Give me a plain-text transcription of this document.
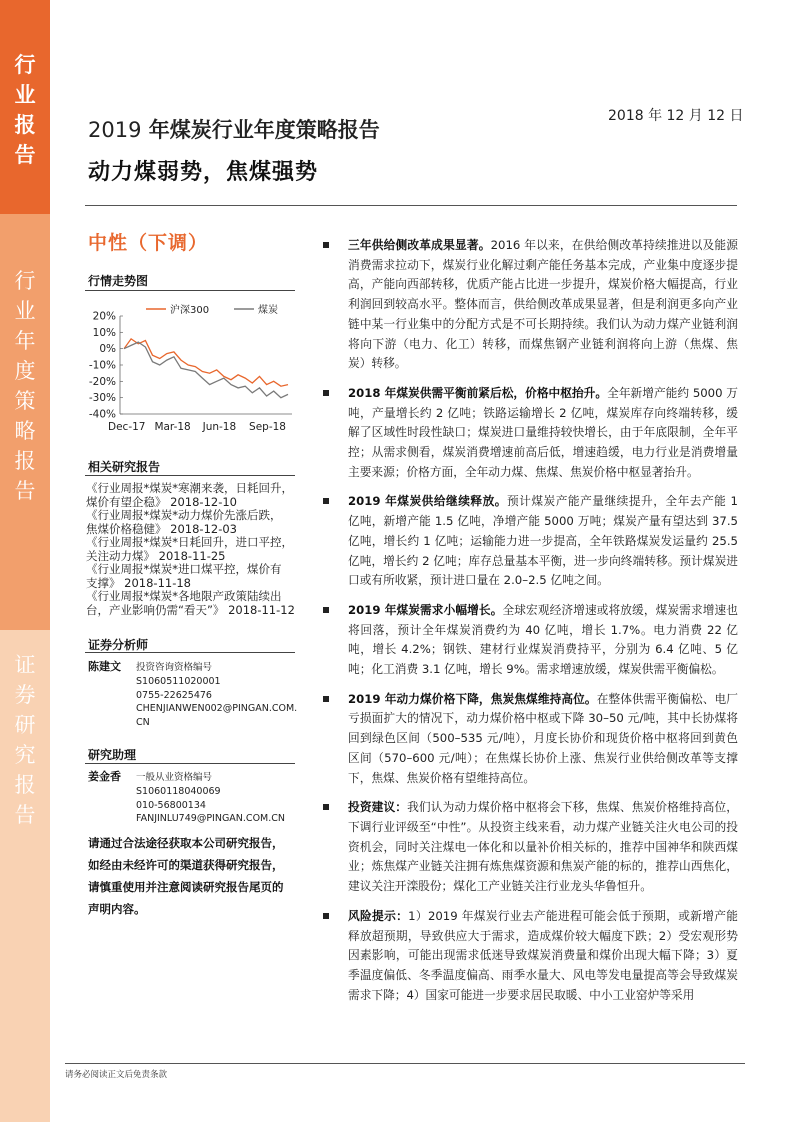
行
业
报
告
行
业
年
度
策
略
报
告
证
券
研
究
报
告
2018 年 12 月 12 日
2019 年煤炭行业年度策略报告
动力煤弱势，焦煤强势
中性（下调）
行情走势图
20%
10%
0%
-10%
-20%
-30%
-40%
Dec-17 Mar-18 Jun-18 Sep-18
沪深300	煤炭
相关研究报告
《行业周报*煤炭*寒潮来袭，日耗回升，
煤价有望企稳》 2018-12-10
《行业周报*煤炭*动力煤价先涨后跌，
焦煤价格稳健》 2018-12-03
《行业周报*煤炭*日耗回升，进口平控，
关注动力煤》 2018-11-25
《行业周报*煤炭*进口煤平控，煤价有
支撑》 2018-11-18
《行业周报*煤炭*各地限产政策陆续出
台，产业影响仍需“看天”》 2018-11-12
证券分析师
陈建文 投资咨询资格编号
S1060511020001
0755-22625476
CHENJIANWEN002@PINGAN.COM.
CN
研究助理
姜金香 一般从业资格编号
S1060118040069
010-56800134
FANJINLU749@PINGAN.COM.CN
请通过合法途径获取本公司研究报告，如经由未经许可的渠道获得研究报告，请慎重使用并注意阅读研究报告尾页的声明内容。
三年供给侧改革成果显著。2016 年以来，在供给侧改革持续推进以及能源消费需求拉动下，煤炭行业化解过剩产能任务基本完成，产业集中度逐步提高，产能向西部转移，优质产能占比进一步提升，煤炭价格大幅提高，行业利润回到较高水平。整体而言，供给侧改革成果显著，但是利润更多向产业链中某一行业集中的分配方式是不可长期持续。我们认为动力煤产业链利润将向下游（电力、化工）转移，而煤焦钢产业链利润将向上游（焦煤、焦炭）转移。
2018 年煤炭供需平衡前紧后松，价格中枢抬升。全年新增产能约 5000 万吨，产量增长约 2 亿吨；铁路运输增长 2 亿吨，煤炭库存向终端转移，缓解了区域性时段性缺口；煤炭进口量维持较快增长，由于年底限制，全年平控；从需求侧看，煤炭消费增速前高后低，增速趋缓，电力行业是消费增量主要来源；价格方面，全年动力煤、焦煤、焦炭价格中枢显著抬升。
2019 年煤炭供给继续释放。预计煤炭产能产量继续提升，全年去产能 1 亿吨，新增产能 1.5 亿吨，净增产能 5000 万吨；煤炭产量有望达到 37.5 亿吨，增长约 1 亿吨；运输能力进一步提高，全年铁路煤炭发运量约 25.5 亿吨，增长约 2 亿吨；库存总量基本平衡，进一步向终端转移。预计煤炭进口或有所收紧，预计进口量在 2.0–2.5 亿吨之间。
2019 年煤炭需求小幅增长。全球宏观经济增速或将放缓，煤炭需求增速也将回落，预计全年煤炭消费约为 40 亿吨，增长 1.7%。电力消费 22 亿吨，增长 4.2%；钢铁、建材行业煤炭消费持平，分别为 6.4 亿吨、5 亿吨；化工消费 3.1 亿吨，增长 9%。需求增速放缓，煤炭供需平衡偏松。
2019 年动力煤价格下降，焦炭焦煤维持高位。在整体供需平衡偏松、电厂亏损面扩大的情况下，动力煤价格中枢或下降 30–50 元/吨，其中长协煤将回到绿色区间（500–535 元/吨），月度长协价和现货价格中枢将回到黄色区间（570–600 元/吨）；在焦煤长协价上涨、焦炭行业供给侧改革等支撑下，焦煤、焦炭价格有望维持高位。
投资建议：我们认为动力煤价格中枢将会下移，焦煤、焦炭价格维持高位，下调行业评级至“中性”。从投资主线来看，动力煤产业链关注火电公司的投资机会，同时关注煤电一体化和以量补价相关标的，推荐中国神华和陕西煤业；炼焦煤产业链关注拥有炼焦煤资源和焦炭产能的标的，推荐山西焦化，建议关注开滦股份；煤化工产业链关注行业龙头华鲁恒升。
风险提示：1）2019 年煤炭行业去产能进程可能会低于预期，或新增产能释放超预期，导致供应大于需求，造成煤价较大幅度下跌；2）受宏观形势因素影响，可能出现需求低迷导致煤炭消费量和煤价出现大幅下降；3）夏季温度偏低、冬季温度偏高、雨季水量大、风电等发电量提高等会导致煤炭需求下降；4）国家可能进一步要求居民取暖、中小工业窑炉等采用
请务必阅读正文后免责条款
